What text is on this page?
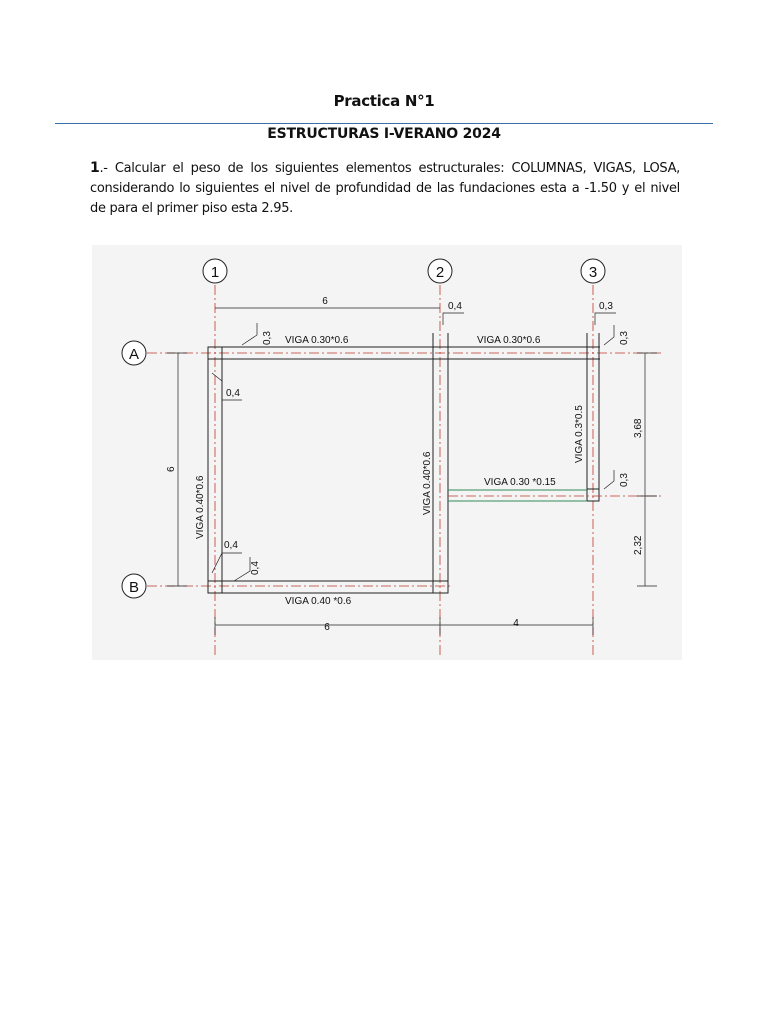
Practica N°1
ESTRUCTURAS I-VERANO 2024
1.- Calcular el peso de los siguientes elementos estructurales: COLUMNAS, VIGAS, LOSA, considerando lo siguientes el nivel de profundidad de las fundaciones esta a -1.50 y el nivel de para el primer piso esta 2.95.
1	2	3
A
B
6	0,4	0,3
0,3	0,3
0,4
3,68
0,3
2,32
6
0,4
0,4
6	4
VIGA 0.30*0.6	VIGA 0.30*0.6
VIGA 0.3*0.5
VIGA 0.40*0.6
VIGA 0.40*0.6	VIGA 0.30 *0.15
VIGA 0.40 *0.6
